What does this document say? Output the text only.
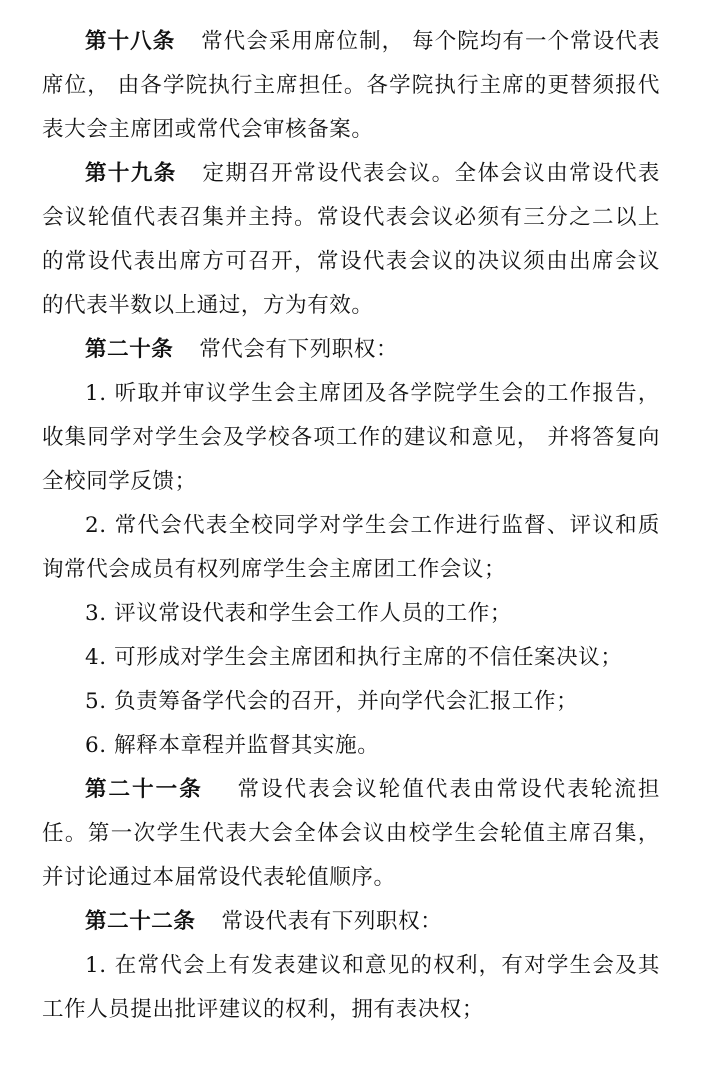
第十八条 常代会采用席位制， 每个院均有一个常设代表席位， 由各学院执行主席担任。各学院执行主席的更替须报代表大会主席团或常代会审核备案。

第十九条 定期召开常设代表会议。全体会议由常设代表会议轮值代表召集并主持。常设代表会议必须有三分之二以上的常设代表出席方可召开，常设代表会议的决议须由出席会议的代表半数以上通过，方为有效。

第二十条 常代会有下列职权：

1. 听取并审议学生会主席团及各学院学生会的工作报告， 收集同学对学生会及学校各项工作的建议和意见， 并将答复向全校同学反馈；

2. 常代会代表全校同学对学生会工作进行监督、评议和质询常代会成员有权列席学生会主席团工作会议；

3. 评议常设代表和学生会工作人员的工作；

4. 可形成对学生会主席团和执行主席的不信任案决议；

5. 负责筹备学代会的召开，并向学代会汇报工作；

6. 解释本章程并监督其实施。

第二十一条 常设代表会议轮值代表由常设代表轮流担任。第一次学生代表大会全体会议由校学生会轮值主席召集，并讨论通过本届常设代表轮值顺序。

第二十二条 常设代表有下列职权：

1. 在常代会上有发表建议和意见的权利，有对学生会及其工作人员提出批评建议的权利，拥有表决权；
